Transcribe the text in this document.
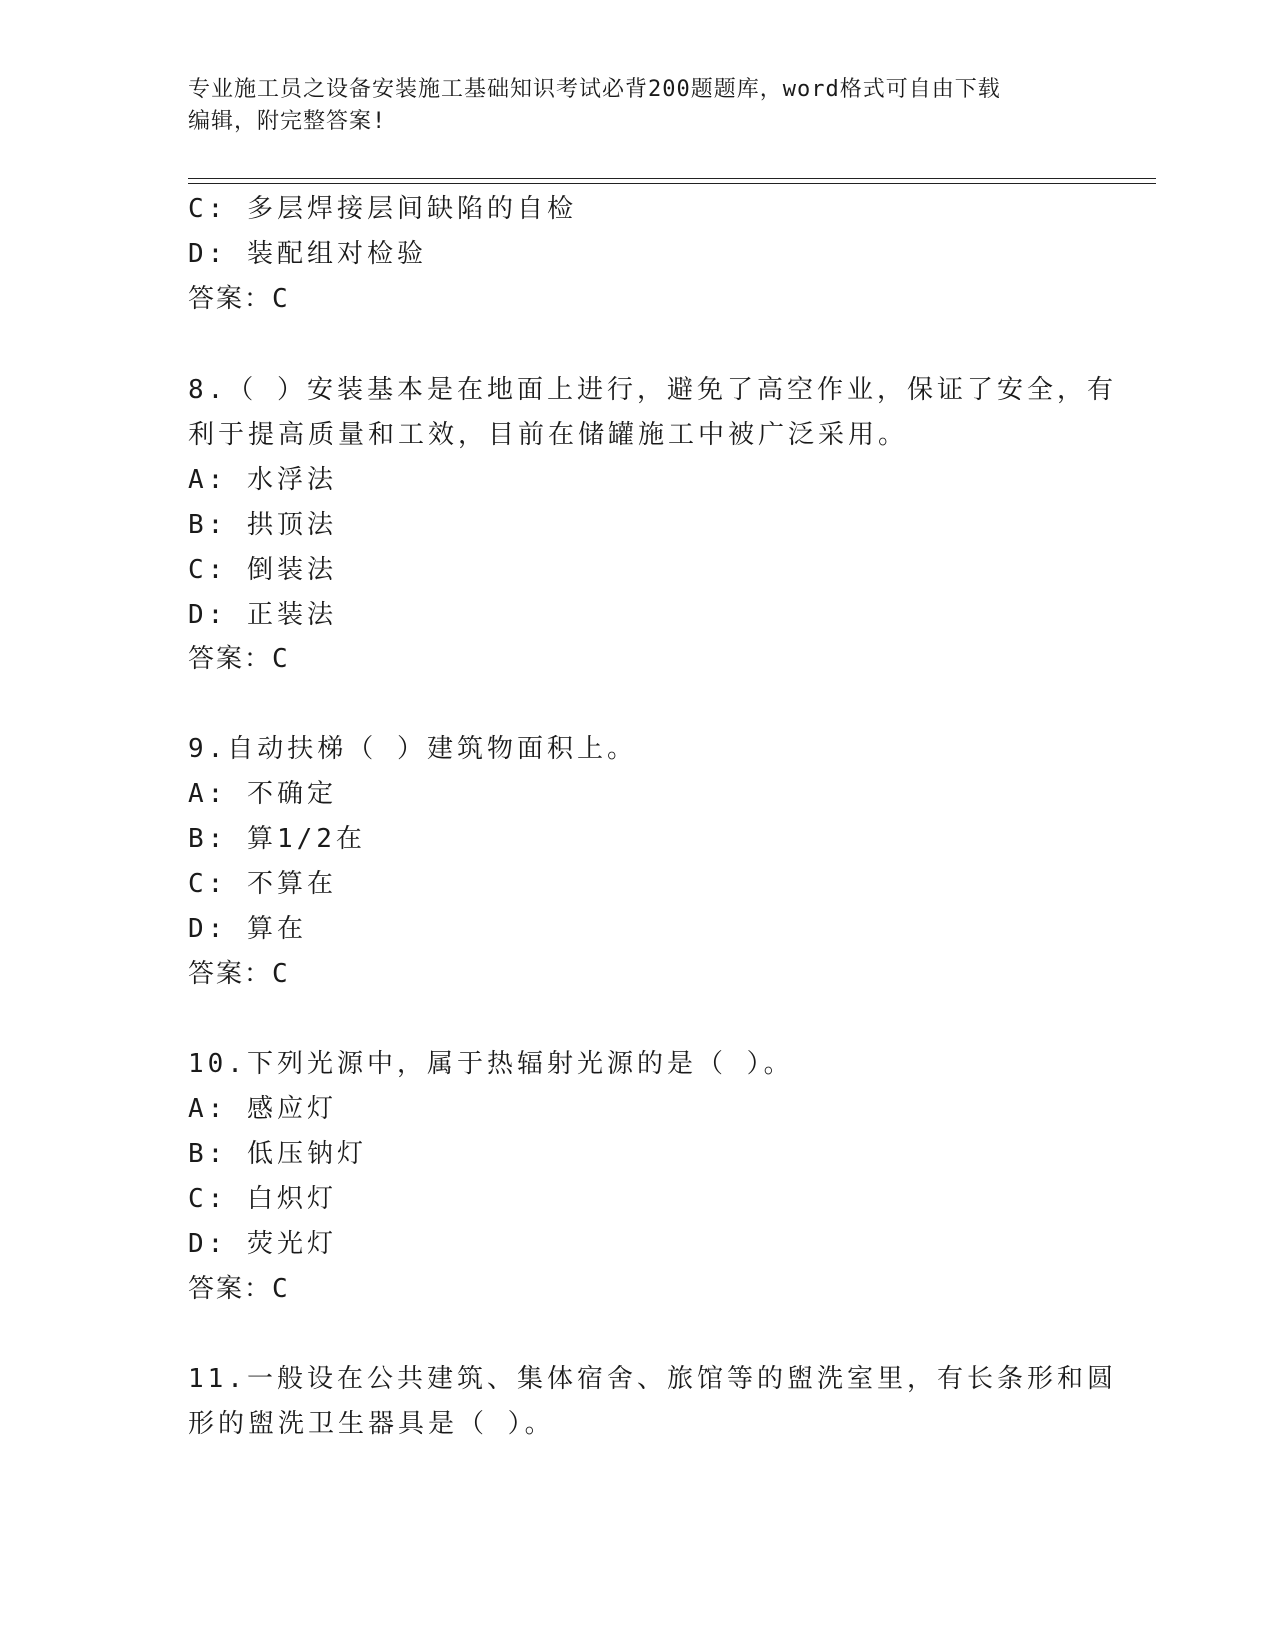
专业施工员之设备安装施工基础知识考试必背200题题库，word格式可自由下载
编辑，附完整答案!
C: 多层焊接层间缺陷的自检
D: 装配组对检验
答案：C
8.（ ）安装基本是在地面上进行，避免了高空作业，保证了安全，有
利于提高质量和工效，目前在储罐施工中被广泛采用。
A: 水浮法
B: 拱顶法
C: 倒装法
D: 正装法
答案：C
9.自动扶梯（ ）建筑物面积上。
A: 不确定
B: 算1/2在
C: 不算在
D: 算在
答案：C
10.下列光源中，属于热辐射光源的是（ ）。
A: 感应灯
B: 低压钠灯
C: 白炽灯
D: 荧光灯
答案：C
11.一般设在公共建筑、集体宿舍、旅馆等的盥洗室里，有长条形和圆
形的盥洗卫生器具是（ ）。
